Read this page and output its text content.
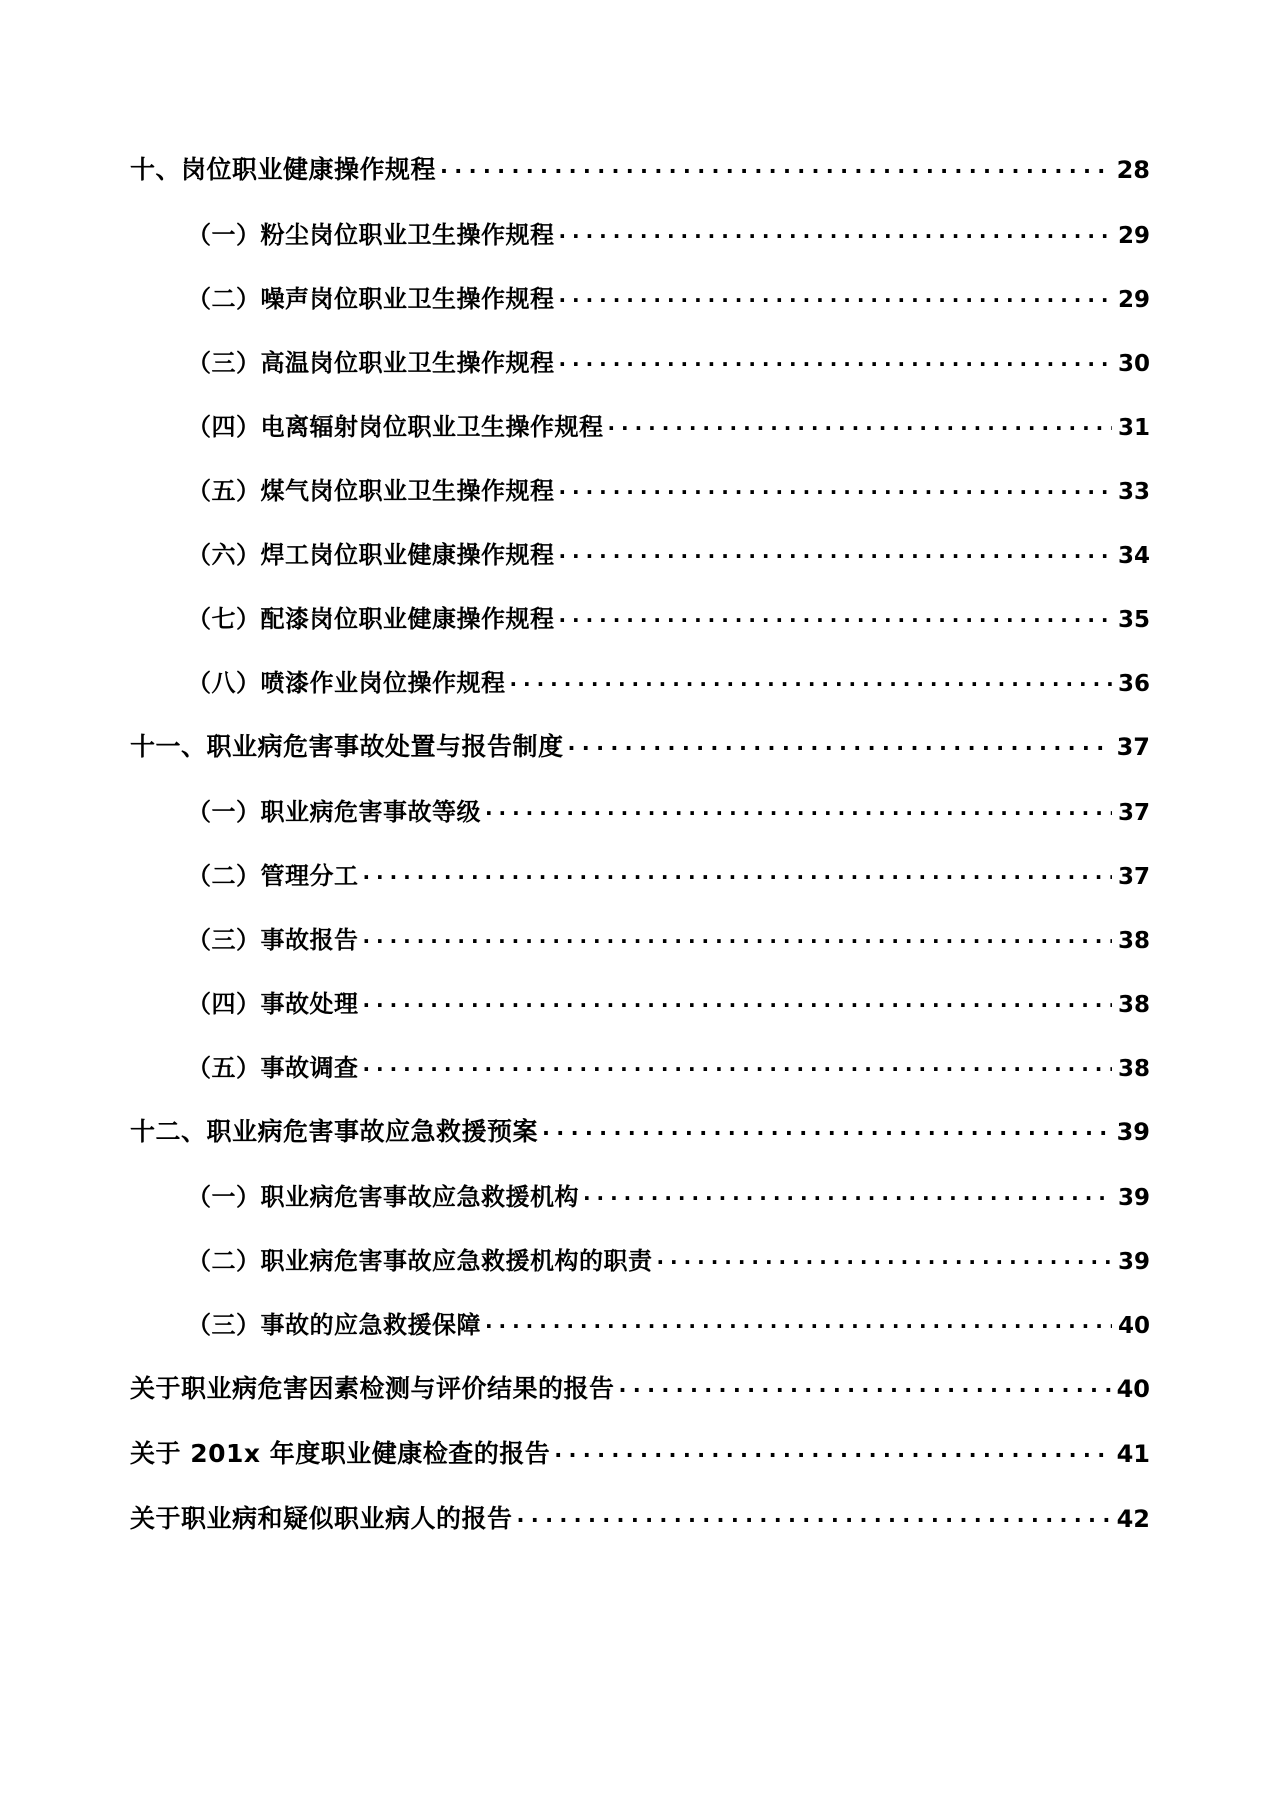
十、岗位职业健康操作规程 . . .	28
（一）粉尘岗位职业卫生操作规程 . . .	29
（二）噪声岗位职业卫生操作规程 . . .	29
（三）高温岗位职业卫生操作规程 . . .	30
（四）电离辐射岗位职业卫生操作规程 . . .	31
（五）煤气岗位职业卫生操作规程 . . .	33
（六）焊工岗位职业健康操作规程 . . .	34
（七）配漆岗位职业健康操作规程 . . .	35
（八）喷漆作业岗位操作规程 . . .	36
十一、职业病危害事故处置与报告制度 . . .	37
（一）职业病危害事故等级 . . .	37
（二）管理分工 . . .	37
（三）事故报告 . . .	38
（四）事故处理 . . .	38
（五）事故调查 . . .	38
十二、职业病危害事故应急救援预案 . . .	39
（一）职业病危害事故应急救援机构 . . .	39
（二）职业病危害事故应急救援机构的职责 . . .	39
（三）事故的应急救援保障 . . .	40
关于职业病危害因素检测与评价结果的报告 . . .	40
关于 201x 年度职业健康检查的报告 . . .	41
关于职业病和疑似职业病人的报告 . . .	42
